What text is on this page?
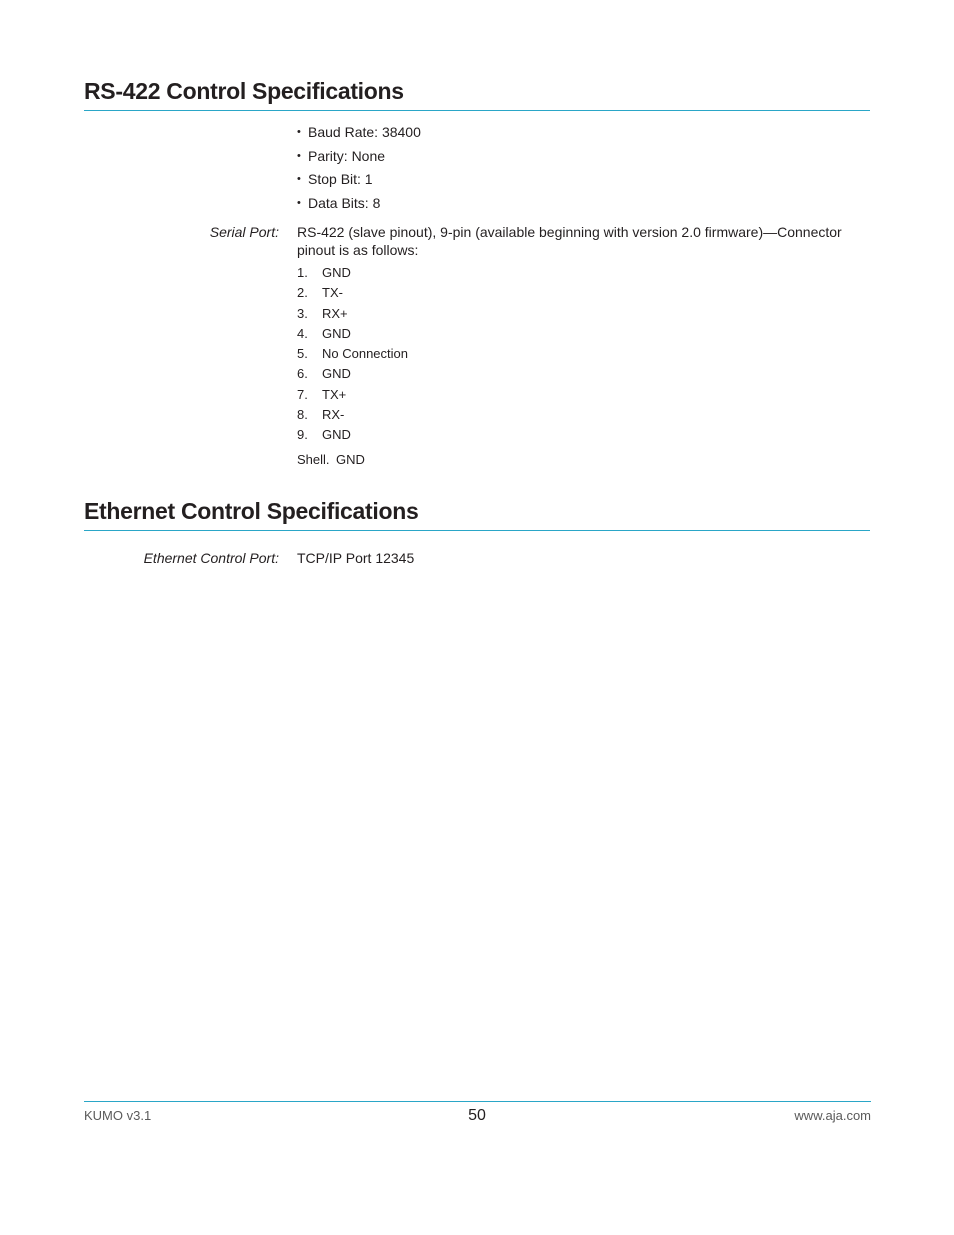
RS-422 Control Specifications
• Baud Rate: 38400
• Parity: None
• Stop Bit: 1
• Data Bits: 8
Serial Port: RS-422 (slave pinout), 9-pin (available beginning with version 2.0 firmware)—Connector pinout is as follows:
1. GND
2. TX-
3. RX+
4. GND
5. No Connection
6. GND
7. TX+
8. RX-
9. GND
Shell. GND
Ethernet Control Specifications
Ethernet Control Port: TCP/IP Port 12345
KUMO v3.1	50	www.aja.com
